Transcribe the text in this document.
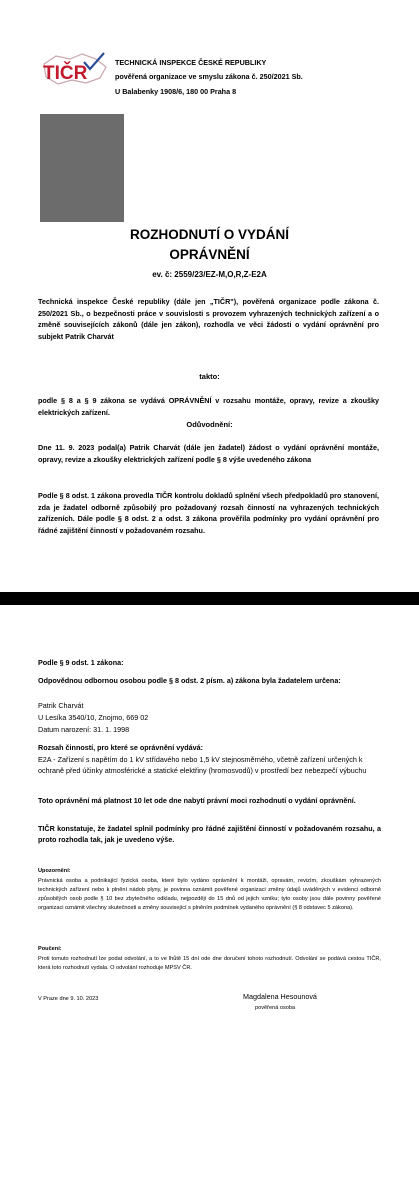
TIČR
TECHNICKÁ INSPEKCE ČESKÉ REPUBLIKY
pověřená organizace ve smyslu zákona č. 250/2021 Sb.
U Balabenky 1908/6, 180 00 Praha 8
ROZHODNUTÍ O VYDÁNÍ
OPRÁVNĚNÍ
ev. č: 2559/23/EZ-M,O,R,Z-E2A
Technická inspekce České republiky (dále jen „TIČR"), pověřená organizace podle zákona č. 250/2021 Sb., o bezpečnosti práce v souvislosti s provozem vyhrazených technických zařízení a o změně souvisejících zákonů (dále jen zákon), rozhodla ve věci žádosti o vydání oprávnění pro subjekt Patrik Charvát
takto:
podle § 8 a § 9 zákona se vydává OPRÁVNĚNÍ v rozsahu montáže, opravy, revize a zkoušky elektrických zařízení.
Odůvodnění:
Dne 11. 9. 2023 podal(a) Patrik Charvát (dále jen žadatel) žádost o vydání oprávnění montáže, opravy, revize a zkoušky elektrických zařízení podle § 8 výše uvedeného zákona
Podle § 8 odst. 1 zákona provedla TIČR kontrolu dokladů splnění všech předpokladů pro stanovení, zda je žadatel odborně způsobilý pro požadovaný rozsah činností na vyhrazených technických zařízeních. Dále podle § 8 odst. 2 a odst. 3 zákona prověřila podmínky pro vydání oprávnění pro řádné zajištění činností v požadovaném rozsahu.
Podle § 9 odst. 1 zákona:
Odpovědnou odbornou osobou podle § 8 odst. 2 písm. a) zákona byla žadatelem určena:
Patrik Charvát
U Lesíka 3540/10, Znojmo, 669 02
Datum narození: 31. 1. 1998
Rozsah činností, pro které se oprávnění vydává:
E2A - Zařízení s napětím do 1 kV střídavého nebo 1,5 kV stejnosměrného, včetně zařízení určených k ochraně před účinky atmosférické a statické elektřiny (hromosvodů) v prostředí bez nebezpečí výbuchu
Toto oprávnění má platnost 10 let ode dne nabytí právní moci rozhodnutí o vydání oprávnění.
TIČR konstatuje, že žadatel splnil podmínky pro řádné zajištění činností v požadovaném rozsahu, a proto rozhodla tak, jak je uvedeno výše.
Upozornění:
Právnická osoba a podnikající fyzická osoba, které bylo vydáno oprávnění k montáži, opravám, revizím, zkouškám vyhrazených technických zařízení nebo k plnění nádob plyny, je povinna oznámit pověřené organizaci změny údajů uváděných v evidenci odborně způsobilých osob podle § 10 bez zbytečného odkladu, nejpozději do 15 dnů od jejich vzniku; tyto osoby jsou dále povinny pověřené organizaci oznámit všechny skutečnosti a změny související s plněním podmínek vydaného oprávnění (§ 8 odstavec 5 zákona).
Poučení:
Proti tomuto rozhodnutí lze podat odvolání, a to ve lhůtě 15 dní ode dne doručení tohoto rozhodnutí. Odvolání se podává cestou TIČR, která toto rozhodnutí vydala. O odvolání rozhoduje MPSV ČR.
V Praze dne 9. 10. 2023	Magdalena Hesounová
pověřená osoba
